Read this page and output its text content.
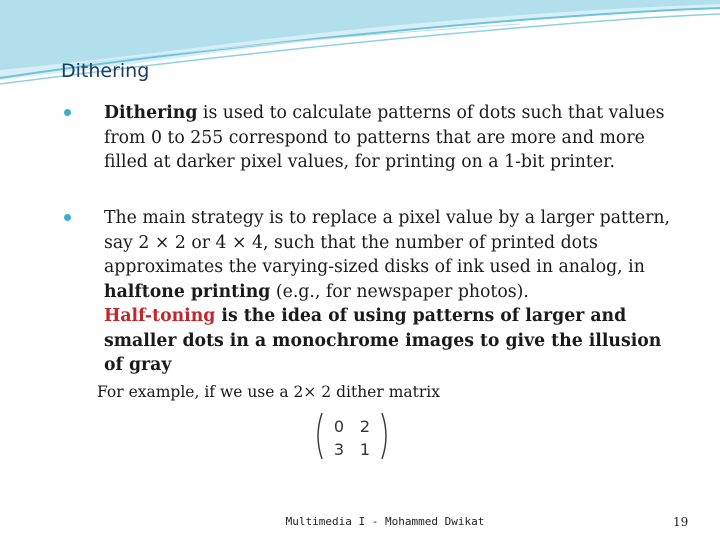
Dithering
Dithering is used to calculate patterns of dots such that values from 0 to 255 correspond to patterns that are more and more filled at darker pixel values, for printing on a 1-bit printer.
The main strategy is to replace a pixel value by a larger pattern, say 2 × 2 or 4 × 4, such that the number of printed dots approximates the varying-sized disks of ink used in analog, in halftone printing (e.g., for newspaper photos).
Half-toning is the idea of using patterns of larger and smaller dots in a monochrome images to give the illusion of gray
For example, if we use a 2× 2 dither matrix
0 2
3 1
Multimedia I - Mohammed Dwikat	19
